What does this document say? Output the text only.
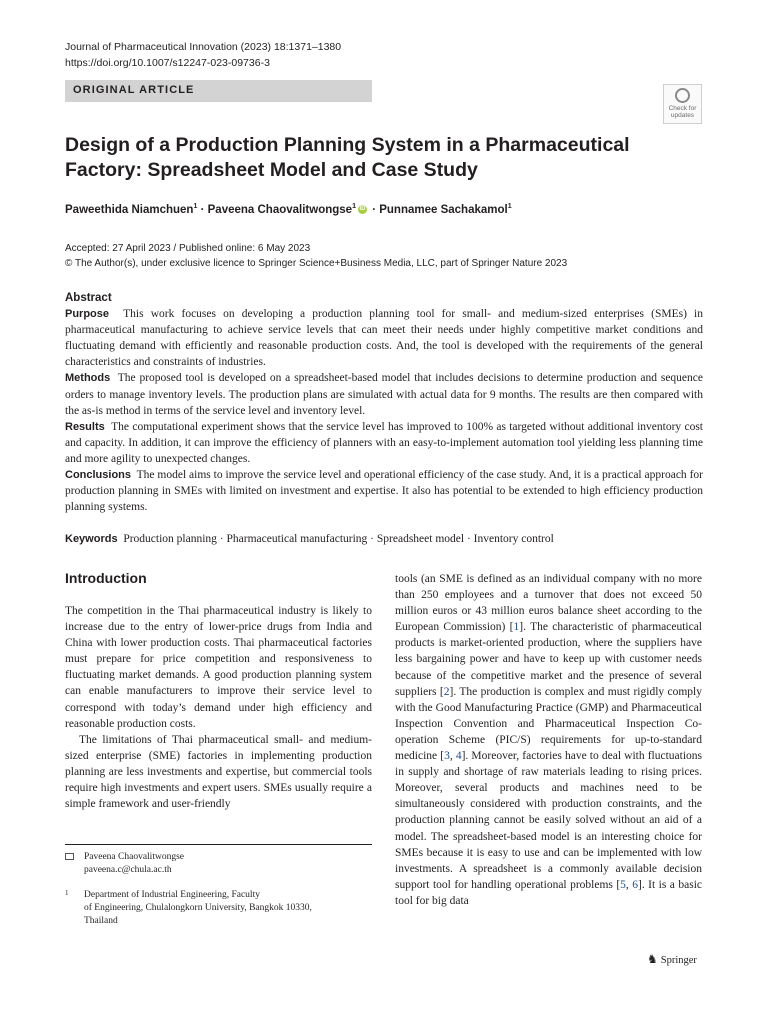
Journal of Pharmaceutical Innovation (2023) 18:1371–1380
https://doi.org/10.1007/s12247-023-09736-3
ORIGINAL ARTICLE
Check for updates
Design of a Production Planning System in a Pharmaceutical Factory: Spreadsheet Model and Case Study
Paweethida Niamchuen$^1$ · Paveena Chaovalitwongse$^1$ iD · Punnamee Sachakamol$^1$
Accepted: 27 April 2023 / Published online: 6 May 2023
© The Author(s), under exclusive licence to Springer Science+Business Media, LLC, part of Springer Nature 2023
Abstract

Purpose This work focuses on developing a production planning tool for small- and medium-sized enterprises (SMEs) in pharmaceutical manufacturing to achieve service levels that can meet their needs under highly competitive market conditions and fluctuating demand with efficiently and reasonable production costs. And, the tool is developed with the requirements of the general characteristics and constraints of industries.

Methods The proposed tool is developed on a spreadsheet-based model that includes decisions to determine production and sequence orders to manage inventory levels. The production plans are simulated with actual data for 9 months. The results are then compared with the as-is method in terms of the service level and inventory level.

Results The computational experiment shows that the service level has improved to 100% as targeted without additional inventory cost and capacity. In addition, it can improve the efficiency of planners with an easy-to-implement automation tool yielding less planning time and more agility to unexpected changes.

Conclusions The model aims to improve the service level and operational efficiency of the case study. And, it is a practical approach for production planning in SMEs with limited on investment and expertise. It also has potential to be extended to high efficiency production planning systems.

Keywords Production planning · Pharmaceutical manufacturing · Spreadsheet model · Inventory control
Introduction

The competition in the Thai pharmaceutical industry is likely to increase due to the entry of lower-price drugs from India and China with lower production costs. Thai pharmaceutical factories must prepare for price competition and responsiveness to fluctuating market demands. A good production planning system can enable manufacturers to improve their service level to correspond with today’s demand under high efficiency and reasonable production costs.

The limitations of Thai pharmaceutical small- and medium-sized enterprise (SME) factories in implementing production planning are less investments and expertise, but commercial tools require high investments and expert users. SMEs usually require a simple framework and user-friendly

tools (an SME is defined as an individual company with no more than 250 employees and a turnover that does not exceed 50 million euros or 43 million euros balance sheet according to the European Commission) [1]. The characteristic of pharmaceutical products is market-oriented production, where the suppliers have less bargaining power and have to keep up with customer needs because of the competitive market and the presence of several suppliers [2]. The production is complex and must rigidly comply with the Good Manufacturing Practice (GMP) and Pharmaceutical Inspection Convention and Pharmaceutical Inspection Co-operation Scheme (PIC/S) requirements for up-to-standard medicine [3, 4]. Moreover, factories have to deal with fluctuations in supply and shortage of raw materials leading to rising prices. Moreover, several products and machines need to be simultaneously considered with production constraints, and the production planning cannot be easily solved without an aid of a model. The spreadsheet-based model is an interesting choice for SMEs because it is easy to use and can be implemented with low investments. A spreadsheet is a commonly available decision support tool for handling operational problems [5, 6]. It is a basic tool for big data

Paveena Chaovalitwongse
paveena.c@chula.ac.th
1 Department of Industrial Engineering, Faculty
of Engineering, Chulalongkorn University, Bangkok 10330,
Thailand
♞ Springer
